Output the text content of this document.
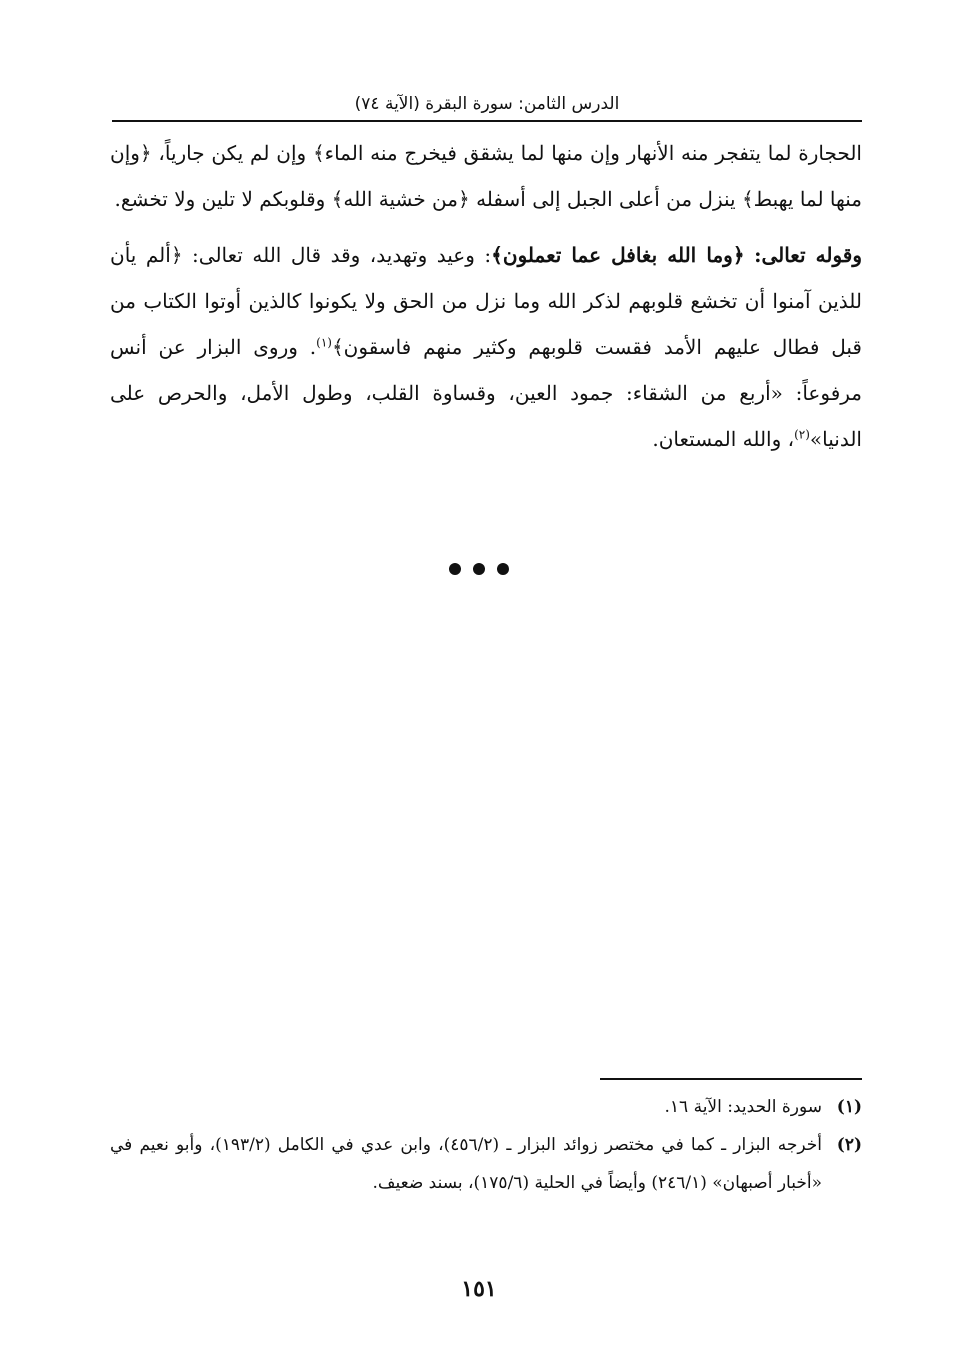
الدرس الثامن: سورة البقرة (الآية ٧٤)

الحجارة لما يتفجر منه الأنهار وإن منها لما يشقق فيخرج منه الماء﴾ وإن لم يكن جارياً، ﴿وإن منها لما يهبط﴾ ينزل من أعلى الجبل إلى أسفله ﴿من خشية الله﴾ وقلوبكم لا تلين ولا تخشع.

وقوله تعالى: ﴿وما الله بغافل عما تعملون﴾: وعيد وتهديد، وقد قال الله تعالى: ﴿ألم يأن للذين آمنوا أن تخشع قلوبهم لذكر الله وما نزل من الحق ولا يكونوا كالذين أوتوا الكتاب من قبل فطال عليهم الأمد فقست قلوبهم وكثير منهم فاسقون﴾$^{(١)}$. وروى البزار عن أنس مرفوعاً: «أربع من الشقاء: جمود العين، وقساوة القلب، وطول الأمل، والحرص على الدنيا»$^{(٢)}$، والله المستعان.

(١)
سورة الحديد: الآية ١٦.
(٢)
أخرجه البزار ـ كما في مختصر زوائد البزار ـ (٤٥٦/٢)، وابن عدي في الكامل (١٩٣/٢)، وأبو نعيم في «أخبار أصبهان» (٢٤٦/١) وأيضاً في الحلية (١٧٥/٦)، بسند ضعيف.
١٥١
